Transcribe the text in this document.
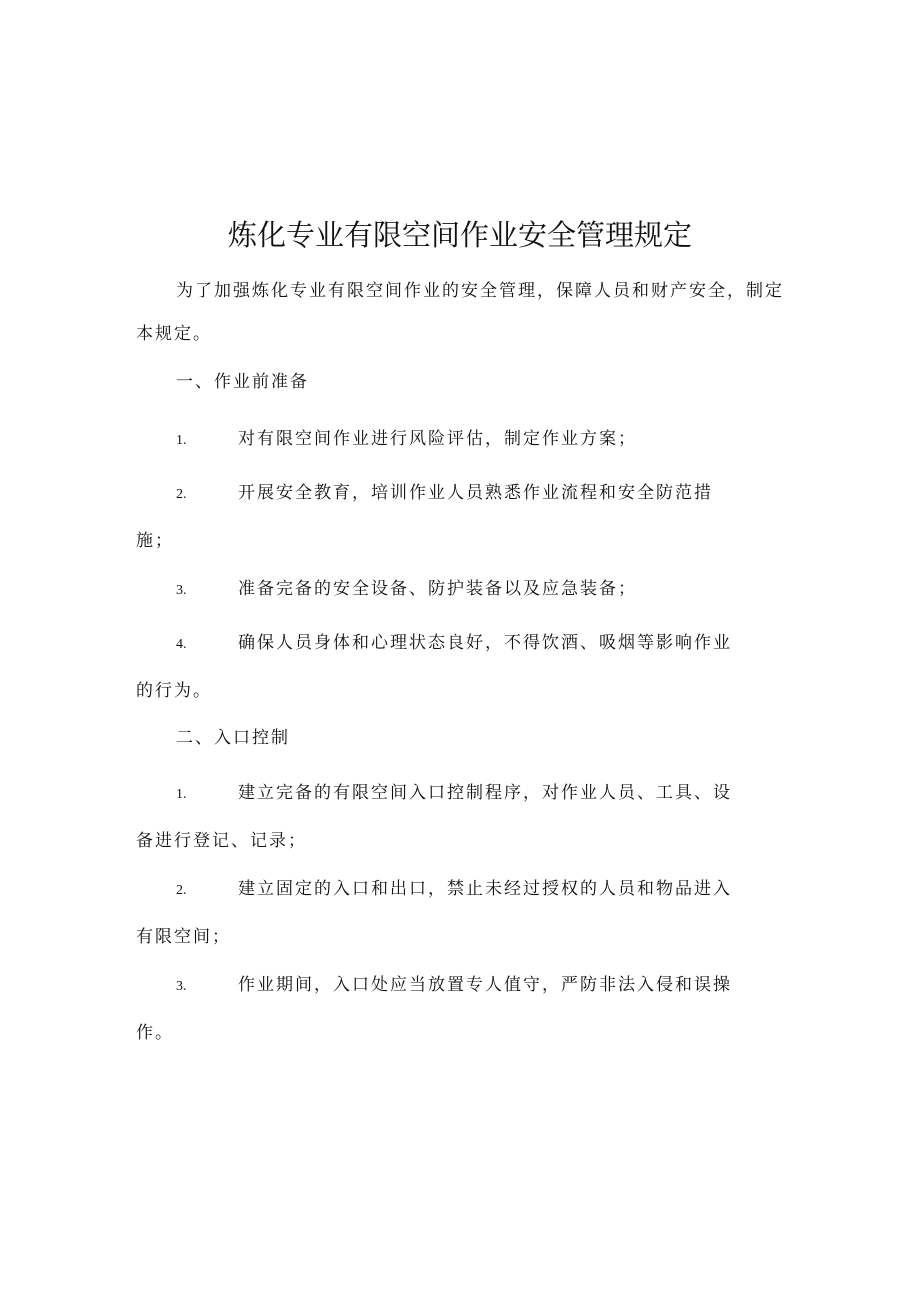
炼化专业有限空间作业安全管理规定

为了加强炼化专业有限空间作业的安全管理，保障人员和财产安全，制定本规定。

一、作业前准备

1.	对有限空间作业进行风险评估，制定作业方案；

2.	开展安全教育，培训作业人员熟悉作业流程和安全防范措施；

3.	准备完备的安全设备、防护装备以及应急装备；

4.	确保人员身体和心理状态良好，不得饮酒、吸烟等影响作业的行为。

二、入口控制

1.	建立完备的有限空间入口控制程序，对作业人员、工具、设备进行登记、记录；

2.	建立固定的入口和出口，禁止未经过授权的人员和物品进入有限空间；

3.	作业期间，入口处应当放置专人值守，严防非法入侵和误操作。
